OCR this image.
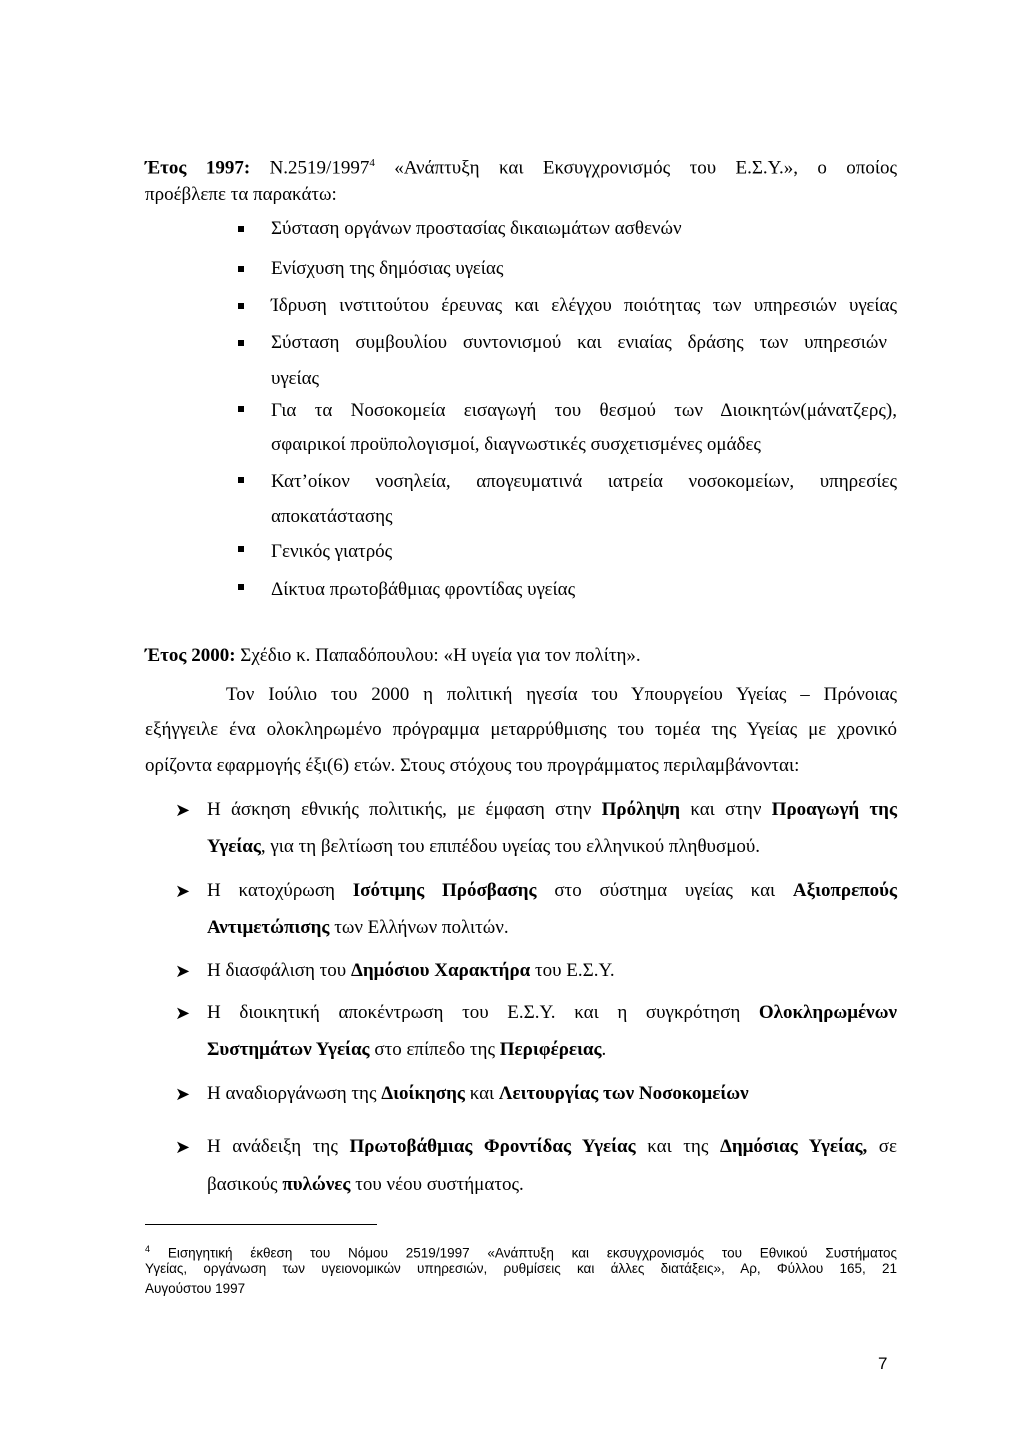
Έτος 1997: Ν.2519/1997$^4$ «Ανάπτυξη και Εκσυγχρονισμός του Ε.Σ.Υ.», ο οποίος
προέβλεπε τα παρακάτω:
Σύσταση οργάνων προστασίας δικαιωμάτων ασθενών
Ενίσχυση της δημόσιας υγείας
Ίδρυση ινστιτούτου έρευνας και ελέγχου ποιότητας των υπηρεσιών υγείας
Σύσταση συμβουλίου συντονισμού και ενιαίας δράσης των υπηρεσιών
υγείας
Για τα Νοσοκομεία εισαγωγή του θεσμού των Διοικητών(μάνατζερς),
σφαιρικοί προϋπολογισμοί, διαγνωστικές συσχετισμένες ομάδες
Κατ’οίκον νοσηλεία, απογευματινά ιατρεία νοσοκομείων, υπηρεσίες
αποκατάστασης
Γενικός γιατρός
Δίκτυα πρωτοβάθμιας φροντίδας υγείας
Έτος 2000: Σχέδιο κ. Παπαδόπουλου: «Η υγεία για τον πολίτη».
Τον Ιούλιο του 2000 η πολιτική ηγεσία του Υπουργείου Υγείας – Πρόνοιας
εξήγγειλε ένα ολοκληρωμένο πρόγραμμα μεταρρύθμισης του τομέα της Υγείας με χρονικό
ορίζοντα εφαρμογής έξι(6) ετών. Στους στόχους του προγράμματος περιλαμβάνονται:
➤ Η άσκηση εθνικής πολιτικής, με έμφαση στην Πρόληψη και στην Προαγωγή της
Υγείας, για τη βελτίωση του επιπέδου υγείας του ελληνικού πληθυσμού.
➤ Η κατοχύρωση Ισότιμης Πρόσβασης στο σύστημα υγείας και Αξιοπρεπούς
Αντιμετώπισης των Ελλήνων πολιτών.
➤ Η διασφάλιση του Δημόσιου Χαρακτήρα του Ε.Σ.Υ.
➤ Η διοικητική αποκέντρωση του Ε.Σ.Υ. και η συγκρότηση Ολοκληρωμένων
Συστημάτων Υγείας στο επίπεδο της Περιφέρειας.
➤ Η αναδιοργάνωση της Διοίκησης και Λειτουργίας των Νοσοκομείων
➤ Η ανάδειξη της Πρωτοβάθμιας Φροντίδας Υγείας και της Δημόσιας Υγείας, σε
βασικούς πυλώνες του νέου συστήματος.
$^4$ Εισηγητική έκθεση του Νόμου 2519/1997 «Ανάπτυξη και εκσυγχρονισμός του Εθνικού Συστήματος
Υγείας, οργάνωση των υγειονομικών υπηρεσιών, ρυθμίσεις και άλλες διατάξεις», Αρ, Φύλλου 165, 21
Αυγούστου 1997
7
